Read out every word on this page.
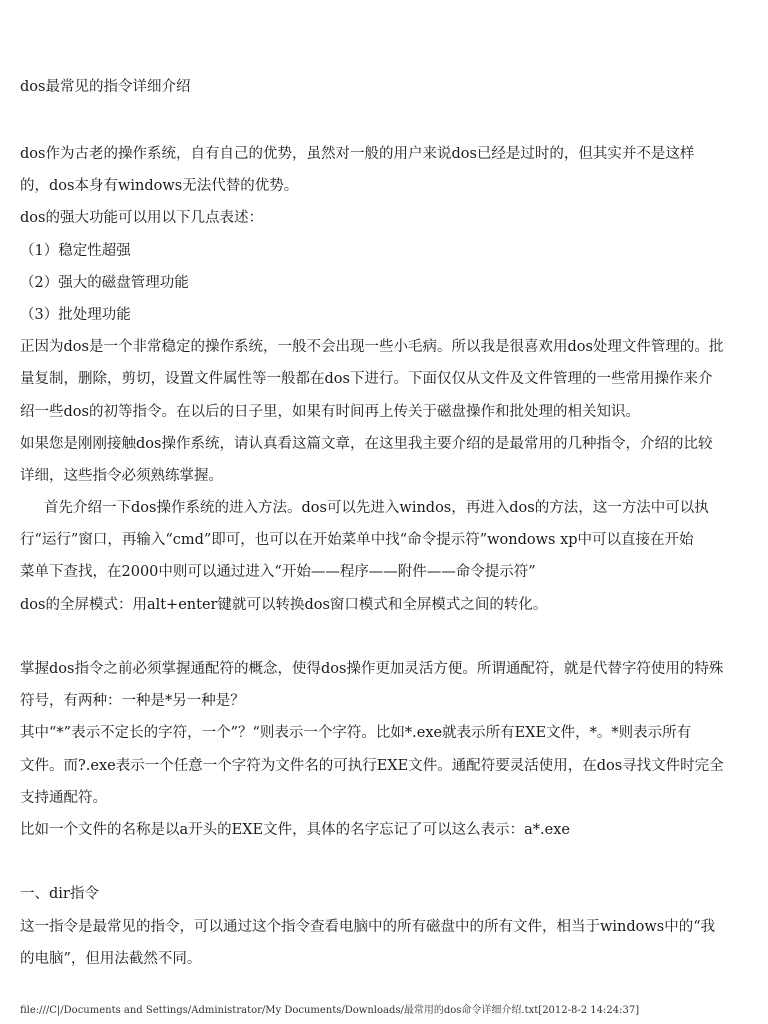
dos最常见的指令详细介绍
dos作为古老的操作系统，自有自己的优势，虽然对一般的用户来说dos已经是过时的，但其实并不是这样
的，dos本身有windows无法代替的优势。
dos的强大功能可以用以下几点表述：
（1）稳定性超强
（2）强大的磁盘管理功能
（3）批处理功能
正因为dos是一个非常稳定的操作系统，一般不会出现一些小毛病。所以我是很喜欢用dos处理文件管理的。批
量复制，删除，剪切，设置文件属性等一般都在dos下进行。下面仅仅从文件及文件管理的一些常用操作来介
绍一些dos的初等指令。在以后的日子里，如果有时间再上传关于磁盘操作和批处理的相关知识。
如果您是刚刚接触dos操作系统，请认真看这篇文章，在这里我主要介绍的是最常用的几种指令，介绍的比较
详细，这些指令必须熟练掌握。
首先介绍一下dos操作系统的进入方法。dos可以先进入windos，再进入dos的方法，这一方法中可以执
行“运行”窗口，再输入“cmd”即可，也可以在开始菜单中找“命令提示符”wondows xp中可以直接在开始
菜单下查找，在2000中则可以通过进入“开始——程序——附件——命令提示符”
dos的全屏模式：用alt+enter键就可以转换dos窗口模式和全屏模式之间的转化。
掌握dos指令之前必须掌握通配符的概念，使得dos操作更加灵活方便。所谓通配符，就是代替字符使用的特殊
符号，有两种：一种是*另一种是？
其中“*”表示不定长的字符，一个”？“则表示一个字符。比如*.exe就表示所有EXE文件，*。*则表示所有
文件。而?.exe表示一个任意一个字符为文件名的可执行EXE文件。通配符要灵活使用，在dos寻找文件时完全
支持通配符。
比如一个文件的名称是以a开头的EXE文件，具体的名字忘记了可以这么表示：a*.exe
一、dir指令
这一指令是最常见的指令，可以通过这个指令查看电脑中的所有磁盘中的所有文件，相当于windows中的“我
的电脑”，但用法截然不同。
file:///C|/Documents and Settings/Administrator/My Documents/Downloads/最常用的dos命令详细介绍.txt[2012-8-2 14:24:37]
